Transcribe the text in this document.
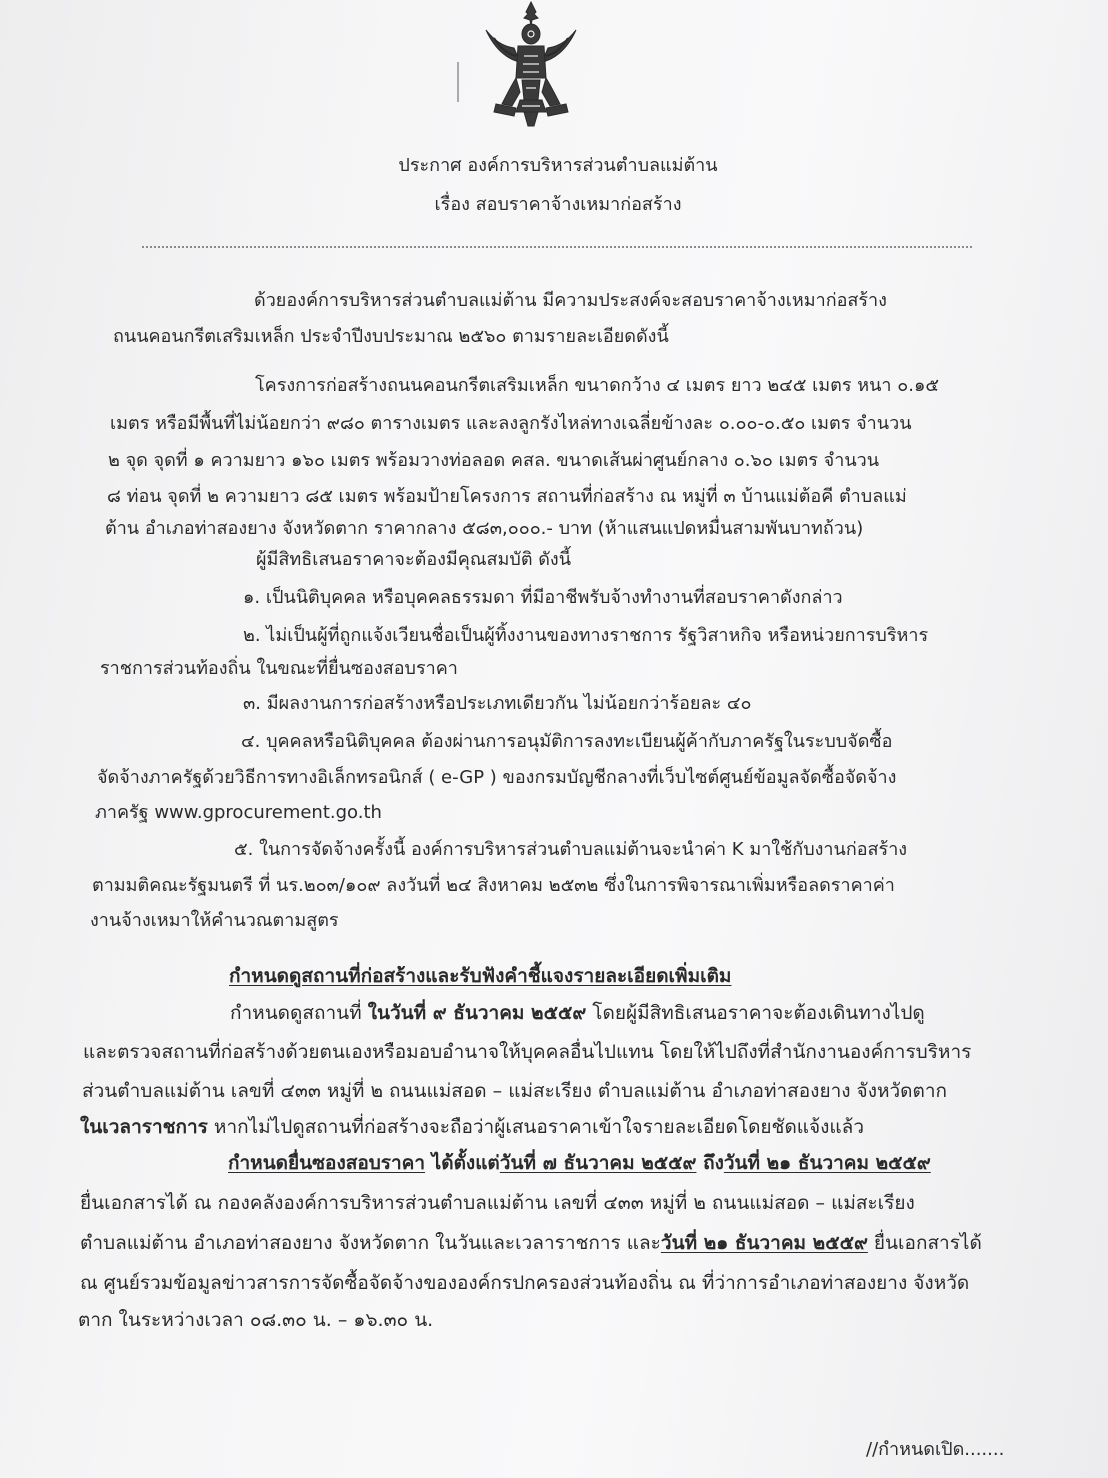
ประกาศ องค์การบริหารส่วนตำบลแม่ต้าน
เรื่อง สอบราคาจ้างเหมาก่อสร้าง
ด้วยองค์การบริหารส่วนตำบลแม่ต้าน มีความประสงค์จะสอบราคาจ้างเหมาก่อสร้าง
ถนนคอนกรีตเสริมเหล็ก ประจำปีงบประมาณ ๒๕๖๐ ตามรายละเอียดดังนี้
โครงการก่อสร้างถนนคอนกรีตเสริมเหล็ก ขนาดกว้าง ๔ เมตร ยาว ๒๔๕ เมตร หนา ๐.๑๕
เมตร หรือมีพื้นที่ไม่น้อยกว่า ๙๘๐ ตารางเมตร และลงลูกรังไหล่ทางเฉลี่ยข้างละ ๐.๐๐-๐.๕๐ เมตร จำนวน
๒ จุด จุดที่ ๑ ความยาว ๑๖๐ เมตร พร้อมวางท่อลอด คสล. ขนาดเส้นผ่าศูนย์กลาง ๐.๖๐ เมตร จำนวน
๘ ท่อน จุดที่ ๒ ความยาว ๘๕ เมตร พร้อมป้ายโครงการ สถานที่ก่อสร้าง ณ หมู่ที่ ๓ บ้านแม่ต้อคี ตำบลแม่
ต้าน อำเภอท่าสองยาง จังหวัดตาก ราคากลาง ๕๘๓,๐๐๐.- บาท (ห้าแสนแปดหมื่นสามพันบาทถ้วน)
ผู้มีสิทธิเสนอราคาจะต้องมีคุณสมบัติ ดังนี้
๑. เป็นนิติบุคคล หรือบุคคลธรรมดา ที่มีอาชีพรับจ้างทำงานที่สอบราคาดังกล่าว
๒. ไม่เป็นผู้ที่ถูกแจ้งเวียนชื่อเป็นผู้ทิ้งงานของทางราชการ รัฐวิสาหกิจ หรือหน่วยการบริหาร
ราชการส่วนท้องถิ่น ในขณะที่ยื่นซองสอบราคา
๓. มีผลงานการก่อสร้างหรือประเภทเดียวกัน ไม่น้อยกว่าร้อยละ ๔๐
๔. บุคคลหรือนิติบุคคล ต้องผ่านการอนุมัติการลงทะเบียนผู้ค้ากับภาครัฐในระบบจัดซื้อ
จัดจ้างภาครัฐด้วยวิธีการทางอิเล็กทรอนิกส์ ( e-GP ) ของกรมบัญชีกลางที่เว็บไซต์ศูนย์ข้อมูลจัดซื้อจัดจ้าง
ภาครัฐ www.gprocurement.go.th
๕. ในการจัดจ้างครั้งนี้ องค์การบริหารส่วนตำบลแม่ต้านจะนำค่า K มาใช้กับงานก่อสร้าง
ตามมติคณะรัฐมนตรี ที่ นร.๒๐๓/๑๐๙ ลงวันที่ ๒๔ สิงหาคม ๒๕๓๒ ซึ่งในการพิจารณาเพิ่มหรือลดราคาค่า
งานจ้างเหมาให้คำนวณตามสูตร
กำหนดดูสถานที่ก่อสร้างและรับฟังคำชี้แจงรายละเอียดเพิ่มเติม
กำหนดดูสถานที่ ในวันที่ ๙ ธันวาคม ๒๕๕๙ โดยผู้มีสิทธิเสนอราคาจะต้องเดินทางไปดู
และตรวจสถานที่ก่อสร้างด้วยตนเองหรือมอบอำนาจให้บุคคลอื่นไปแทน โดยให้ไปถึงที่สำนักงานองค์การบริหาร
ส่วนตำบลแม่ต้าน เลขที่ ๔๓๓ หมู่ที่ ๒ ถนนแม่สอด – แม่สะเรียง ตำบลแม่ต้าน อำเภอท่าสองยาง จังหวัดตาก
ในเวลาราชการ หากไม่ไปดูสถานที่ก่อสร้างจะถือว่าผู้เสนอราคาเข้าใจรายละเอียดโดยชัดแจ้งแล้ว
กำหนดยื่นซองสอบราคา ได้ตั้งแต่วันที่ ๗ ธันวาคม ๒๕๕๙ ถึงวันที่ ๒๑ ธันวาคม ๒๕๕๙
ยื่นเอกสารได้ ณ กองคลังองค์การบริหารส่วนตำบลแม่ต้าน เลขที่ ๔๓๓ หมู่ที่ ๒ ถนนแม่สอด – แม่สะเรียง
ตำบลแม่ต้าน อำเภอท่าสองยาง จังหวัดตาก ในวันและเวลาราชการ และวันที่ ๒๑ ธันวาคม ๒๕๕๙ ยื่นเอกสารได้
ณ ศูนย์รวมข้อมูลข่าวสารการจัดซื้อจัดจ้างขององค์กรปกครองส่วนท้องถิ่น ณ ที่ว่าการอำเภอท่าสองยาง จังหวัด
ตาก ในระหว่างเวลา ๐๘.๓๐ น. – ๑๖.๓๐ น.
//กำหนดเปิด.......
